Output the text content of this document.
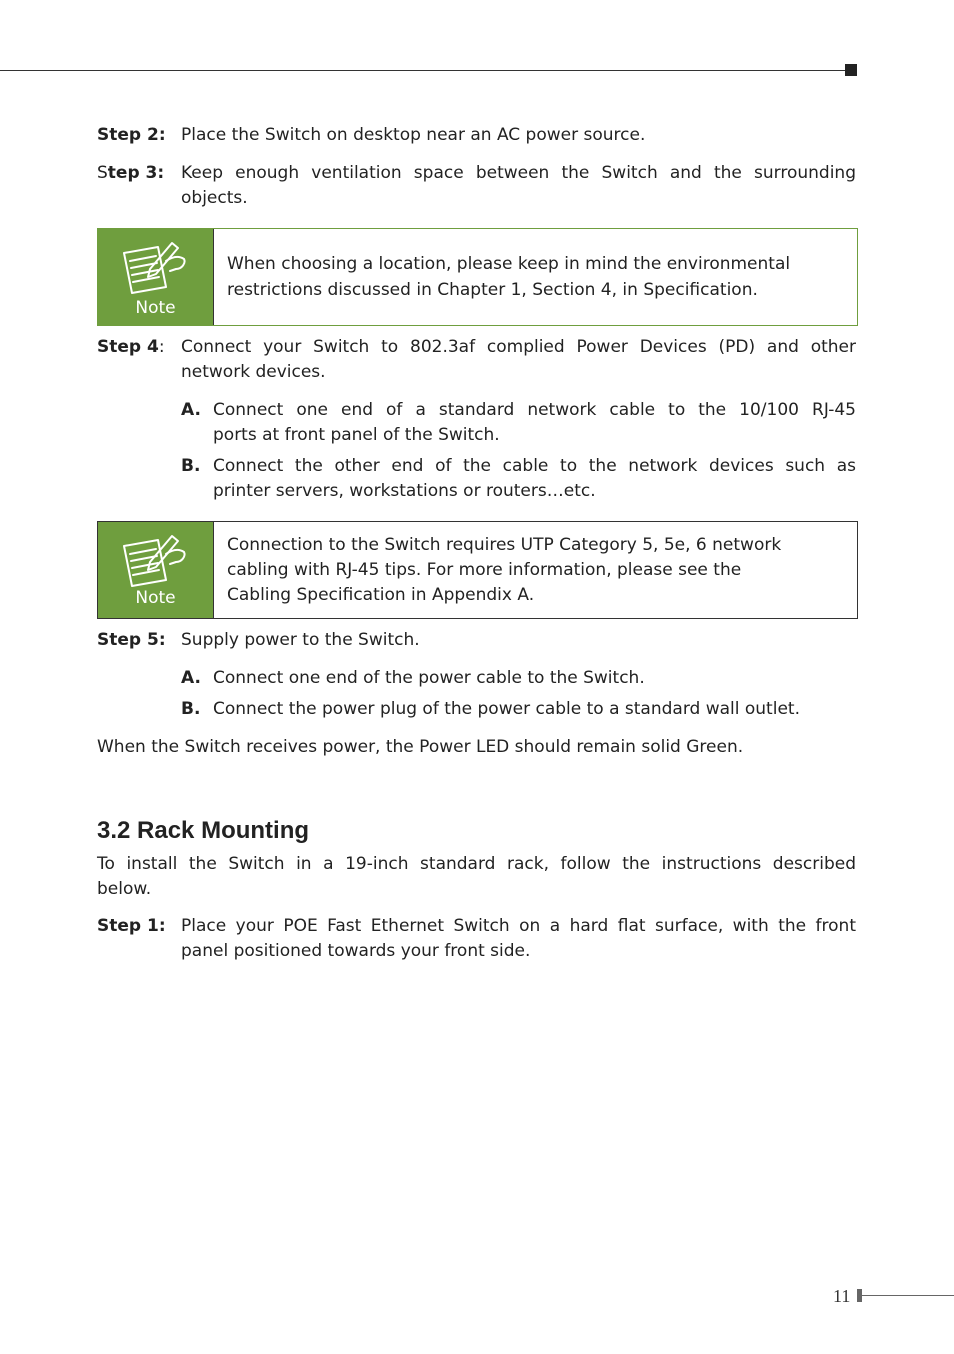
Step 2: Place the Switch on desktop near an AC power source.
Step 3: Keep enough ventilation space between the Switch and the surrounding
objects.
Note
When choosing a location, please keep in mind the environmental
restrictions discussed in Chapter 1, Section 4, in Specification.
Step 4: Connect your Switch to 802.3af complied Power Devices (PD) and other
network devices.
A. Connect one end of a standard network cable to the 10/100 RJ-45
ports at front panel of the Switch.
B. Connect the other end of the cable to the network devices such as
printer servers, workstations or routers…etc.
Note
Connection to the Switch requires UTP Category 5, 5e, 6 network
cabling with RJ-45 tips. For more information, please see the
Cabling Specification in Appendix A.
Step 5: Supply power to the Switch.
A. Connect one end of the power cable to the Switch.
B. Connect the power plug of the power cable to a standard wall outlet.
When the Switch receives power, the Power LED should remain solid Green.
3.2 Rack Mounting
To install the Switch in a 19-inch standard rack, follow the instructions described
below.
Step 1: Place your POE Fast Ethernet Switch on a hard flat surface, with the front
panel positioned towards your front side.
11
